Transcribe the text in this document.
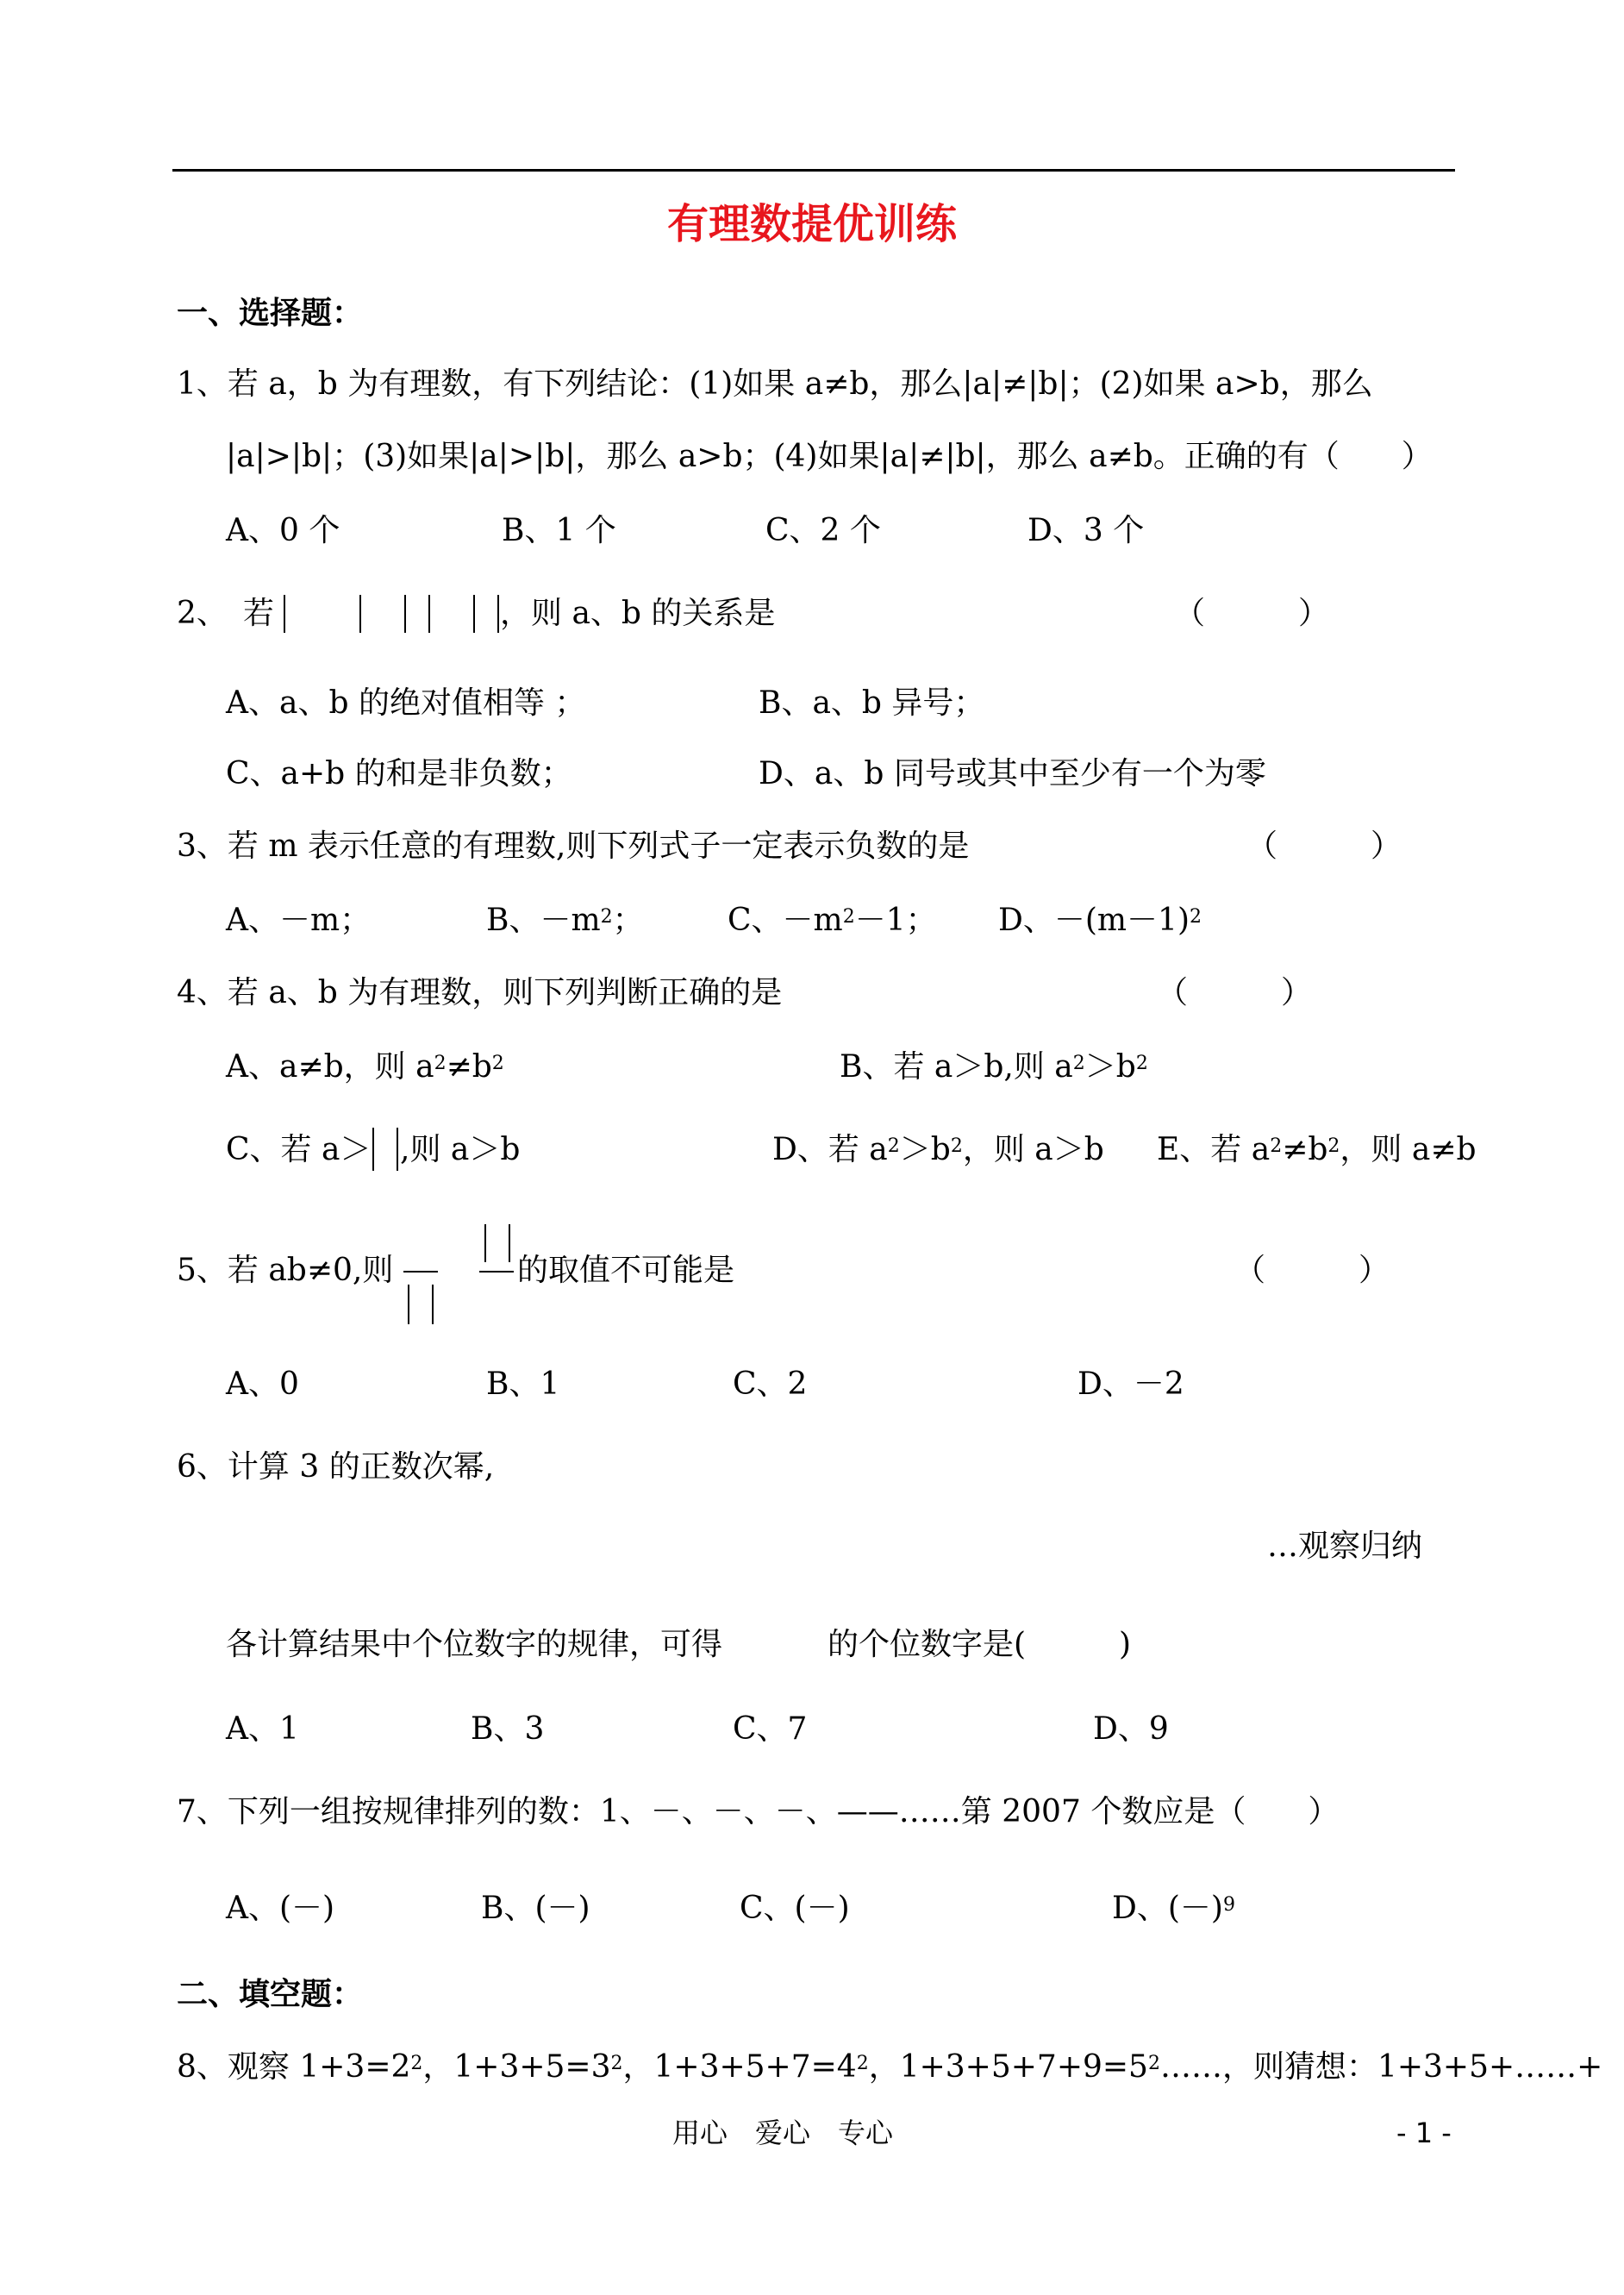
有理数提优训练
一、选择题：
1、若 a，b 为有理数，有下列结论：(1)如果 a≠b，那么|a|≠|b|；(2)如果 a>b，那么
|a|>|b|；(3)如果|a|>|b|，那么 a>b；(4)如果|a|≠|b|，那么 a≠b。正确的有（　　）
A、0 个	B、1 个	C、2 个	D、3 个
2、 若	，则 a、b 的关系是	（　　　）
A、a、b 的绝对值相等 ；	B、a、b 异号；
C、a+b 的和是非负数；	D、a、b 同号或其中至少有一个为零
3、若 m 表示任意的有理数,则下列式子一定表示负数的是	（　　　）
A、－m；	B、$-m^2$；	C、$-m^2-1$； D、$-(m-1)^2$
4、若 a、b 为有理数，则下列判断正确的是	（　　　）
A、a≠b，则 $a^2\ne b^2$	B、若 a＞b,则 $a^2>b^2$
C、若 a＞ ,则 a＞b	D、若 $a^2>b^2$，则 a＞b E、若 $a^2\ne b^2$，则 a≠b
5、若 ab≠0,则	的取值不可能是	（　　　）
A、0	B、1	C、2	D、－2
6、计算 3 的正数次幂,
…观察归纳
各计算结果中个位数字的规律，可得	的个位数字是(　　　)
A、1	B、3	C、7	D、9
7、下列一组按规律排列的数：1、－、－、－、——……第 2007 个数应是（　　）
A、(－)	B、(－)	C、(－)	D、$(-)^9$
二、填空题：
8、观察 $1+3=2^2$，$1+3+5=3^2$，$1+3+5+7=4^2$，$1+3+5+7+9=5^2\dots\dots$，则猜想：1+3+5+……+
用心　爱心　专心	- 1 -
